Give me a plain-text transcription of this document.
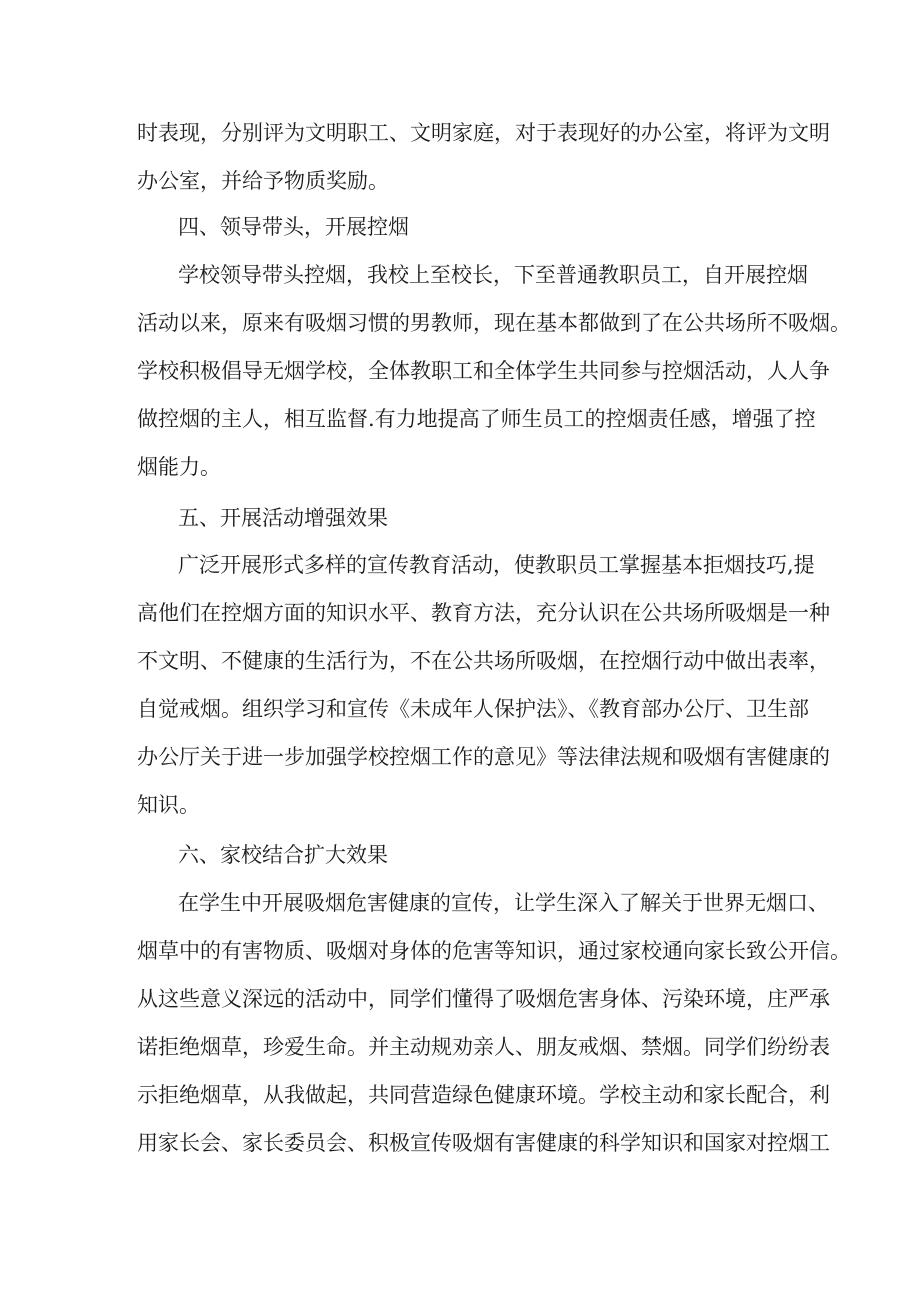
时表现，分别评为文明职工、文明家庭，对于表现好的办公室，将评为文明
办公室，并给予物质奖励。
四、领导带头，开展控烟
学校领导带头控烟，我校上至校长，下至普通教职员工，自开展控烟
活动以来，原来有吸烟习惯的男教师，现在基本都做到了在公共场所不吸烟。
学校积极倡导无烟学校，全体教职工和全体学生共同参与控烟活动，人人争
做控烟的主人，相互监督.有力地提高了师生员工的控烟责任感，增强了控
烟能力。
五、开展活动增强效果
广泛开展形式多样的宣传教育活动，使教职员工掌握基本拒烟技巧,提
高他们在控烟方面的知识水平、教育方法，充分认识在公共场所吸烟是一种
不文明、不健康的生活行为，不在公共场所吸烟，在控烟行动中做出表率，
自觉戒烟。组织学习和宣传《未成年人保护法》、《教育部办公厅、卫生部
办公厅关于进一步加强学校控烟工作的意见》等法律法规和吸烟有害健康的
知识。
六、家校结合扩大效果
在学生中开展吸烟危害健康的宣传，让学生深入了解关于世界无烟口、
烟草中的有害物质、吸烟对身体的危害等知识，通过家校通向家长致公开信。
从这些意义深远的活动中，同学们懂得了吸烟危害身体、污染环境，庄严承
诺拒绝烟草，珍爱生命。并主动规劝亲人、朋友戒烟、禁烟。同学们纷纷表
示拒绝烟草，从我做起，共同营造绿色健康环境。学校主动和家长配合，利
用家长会、家长委员会、积极宣传吸烟有害健康的科学知识和国家对控烟工
